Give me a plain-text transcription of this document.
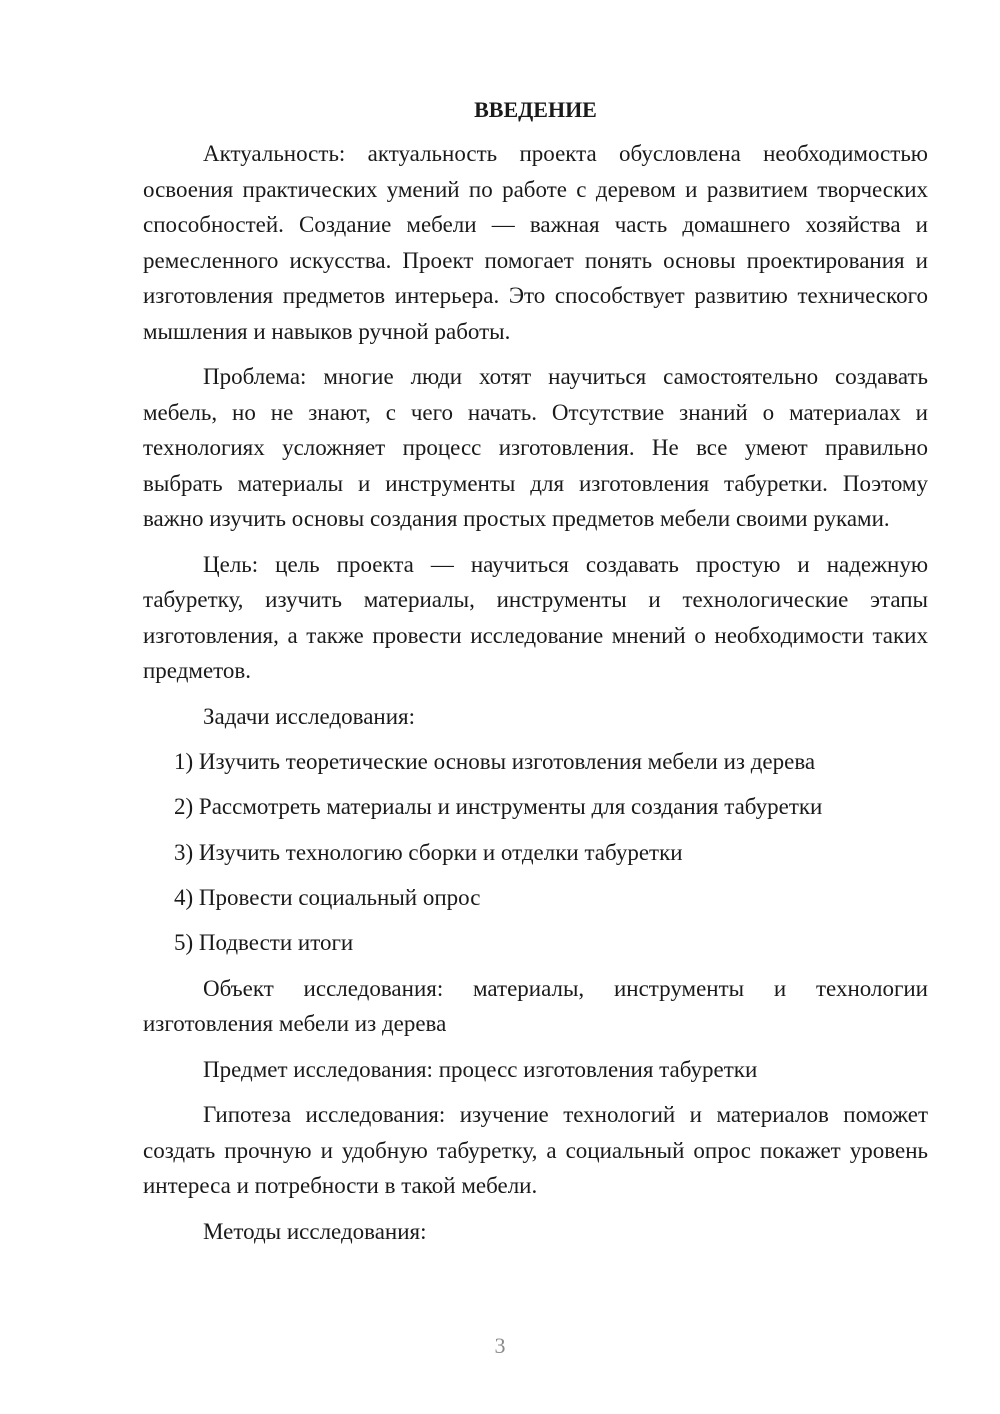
ВВЕДЕНИЕ

Актуальность: актуальность проекта обусловлена необходимостью освоения практических умений по работе с деревом и развитием творческих способностей. Создание мебели — важная часть домашнего хозяйства и ремесленного искусства. Проект помогает понять основы проектирования и изготовления предметов интерьера. Это способствует развитию технического мышления и навыков ручной работы.

Проблема: многие люди хотят научиться самостоятельно создавать мебель, но не знают, с чего начать. Отсутствие знаний о материалах и технологиях усложняет процесс изготовления. Не все умеют правильно выбрать материалы и инструменты для изготовления табуретки. Поэтому важно изучить основы создания простых предметов мебели своими руками.

Цель: цель проекта — научиться создавать простую и надежную табуретку, изучить материалы, инструменты и технологические этапы изготовления, а также провести исследование мнений о необходимости таких предметов.

Задачи исследования:

1) Изучить теоретические основы изготовления мебели из дерева
2) Рассмотреть материалы и инструменты для создания табуретки
3) Изучить технологию сборки и отделки табуретки
4) Провести социальный опрос
5) Подвести итоги

Объект исследования: материалы, инструменты и технологии изготовления мебели из дерева

Предмет исследования: процесс изготовления табуретки

Гипотеза исследования: изучение технологий и материалов поможет создать прочную и удобную табуретку, а социальный опрос покажет уровень интереса и потребности в такой мебели.

Методы исследования:

3
